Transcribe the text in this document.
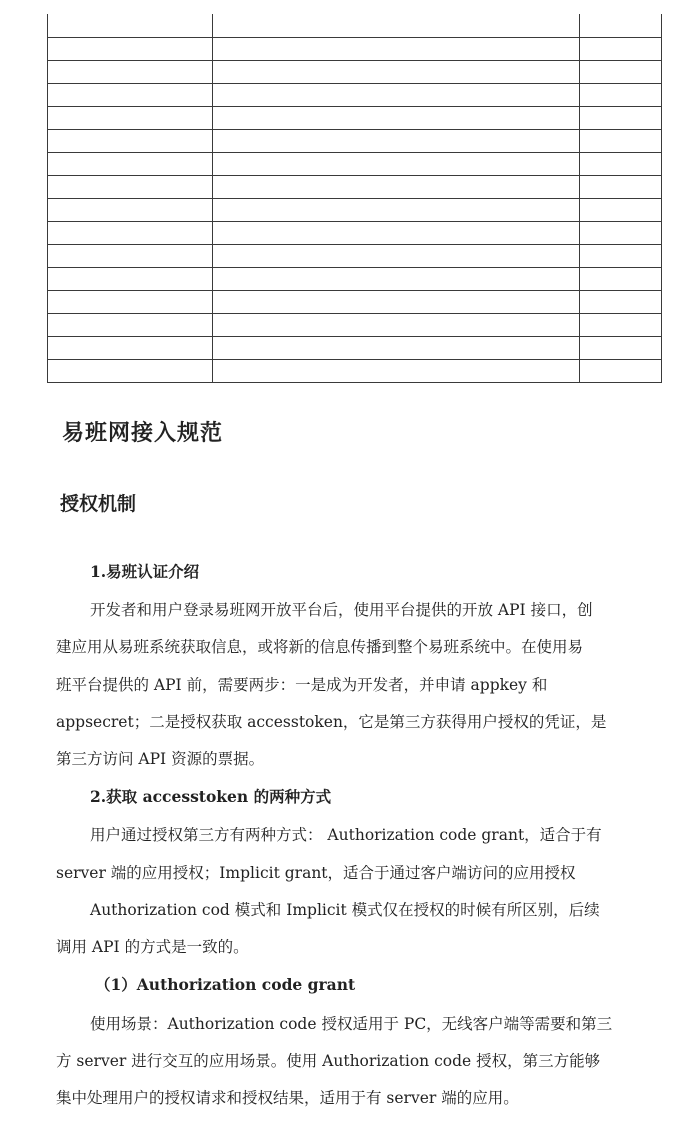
易班网接入规范
授权机制
1.易班认证介绍
开发者和用户登录易班网开放平台后，使用平台提供的开放 API 接口，创
建应用从易班系统获取信息，或将新的信息传播到整个易班系统中。在使用易
班平台提供的 API 前，需要两步：一是成为开发者，并申请 appkey 和
appsecret；二是授权获取 accesstoken，它是第三方获得用户授权的凭证，是
第三方访问 API 资源的票据。
2.获取 accesstoken 的两种方式
用户通过授权第三方有两种方式： Authorization code grant，适合于有
server 端的应用授权；Implicit grant，适合于通过客户端访问的应用授权
Authorization cod 模式和 Implicit 模式仅在授权的时候有所区别，后续
调用 API 的方式是一致的。
（1）Authorization code grant
使用场景：Authorization code 授权适用于 PC，无线客户端等需要和第三
方 server 进行交互的应用场景。使用 Authorization code 授权，第三方能够
集中处理用户的授权请求和授权结果，适用于有 server 端的应用。
